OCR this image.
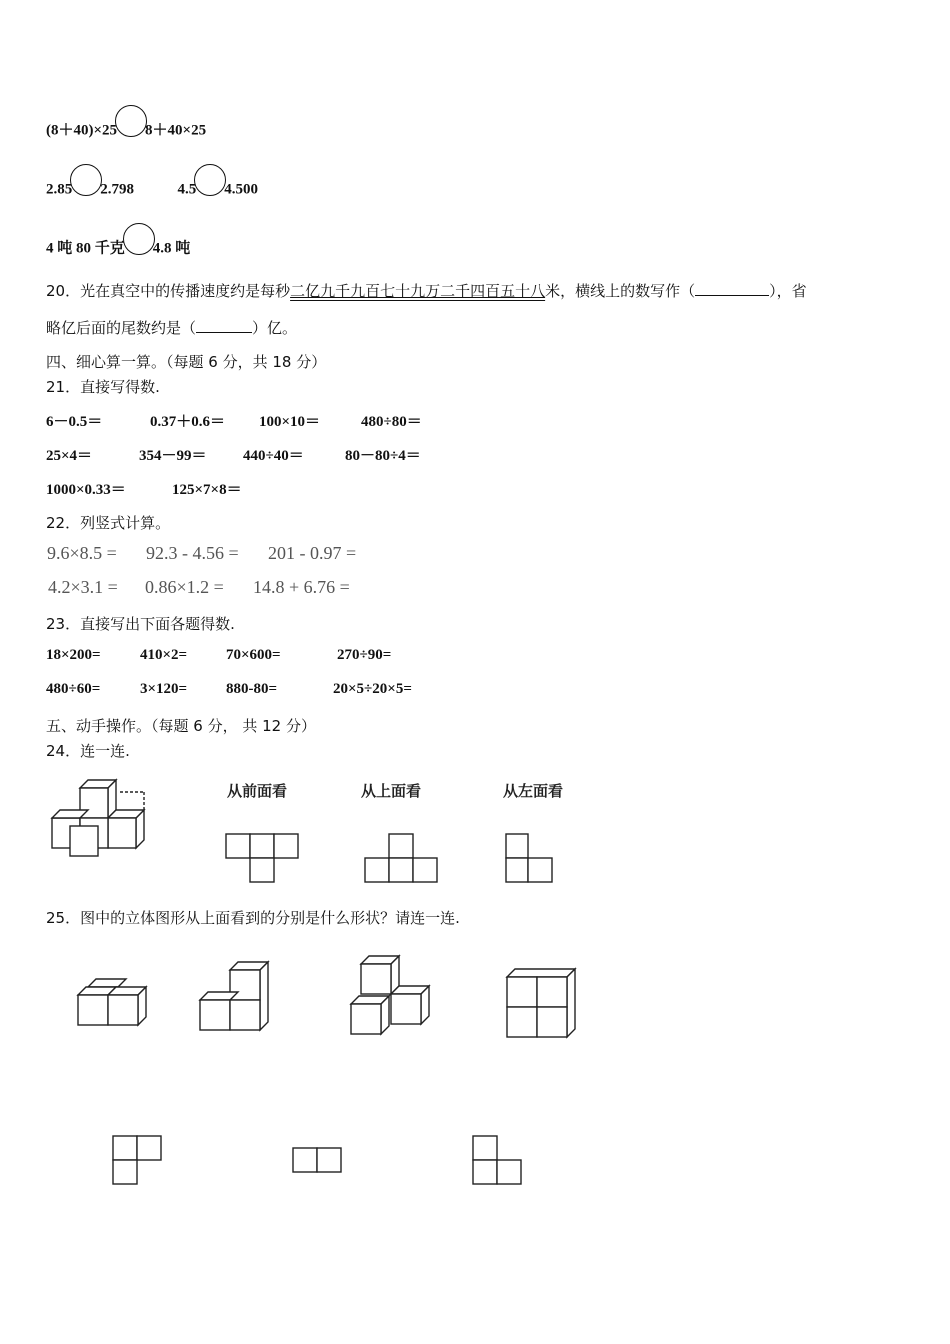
(8＋40)×25 8＋40×25
2.85 2.798	4.5 4.500
4 吨 80 千克 4.8 吨
20．光在真空中的传播速度约是每秒二亿九千九百七十九万二千四百五十八米，横线上的数写作（	），省
略亿后面的尾数约是（	）亿。
四、细心算一算。（每题 6 分，共 18 分）
21．直接写得数.
6－0.5＝	0.37＋0.6＝ 100×10＝	480÷80＝
25×4＝	354－99＝ 440÷40＝	80－80÷4＝
1000×0.33＝	125×7×8＝
22．列竖式计算。
9.6×8.5 = 92.3 - 4.56 = 201 - 0.97 =
4.2×3.1 = 0.86×1.2 = 14.8 + 6.76 =
23．直接写出下面各题得数.
18×200=	410×2=	70×600=	270÷90=
480÷60=	3×120=	880-80=	20×5÷20×5=
五、动手操作。（每题 6 分， 共 12 分）
24．连一连.
从前面看	从上面看	从左面看
25．图中的立体图形从上面看到的分别是什么形状？请连一连.
